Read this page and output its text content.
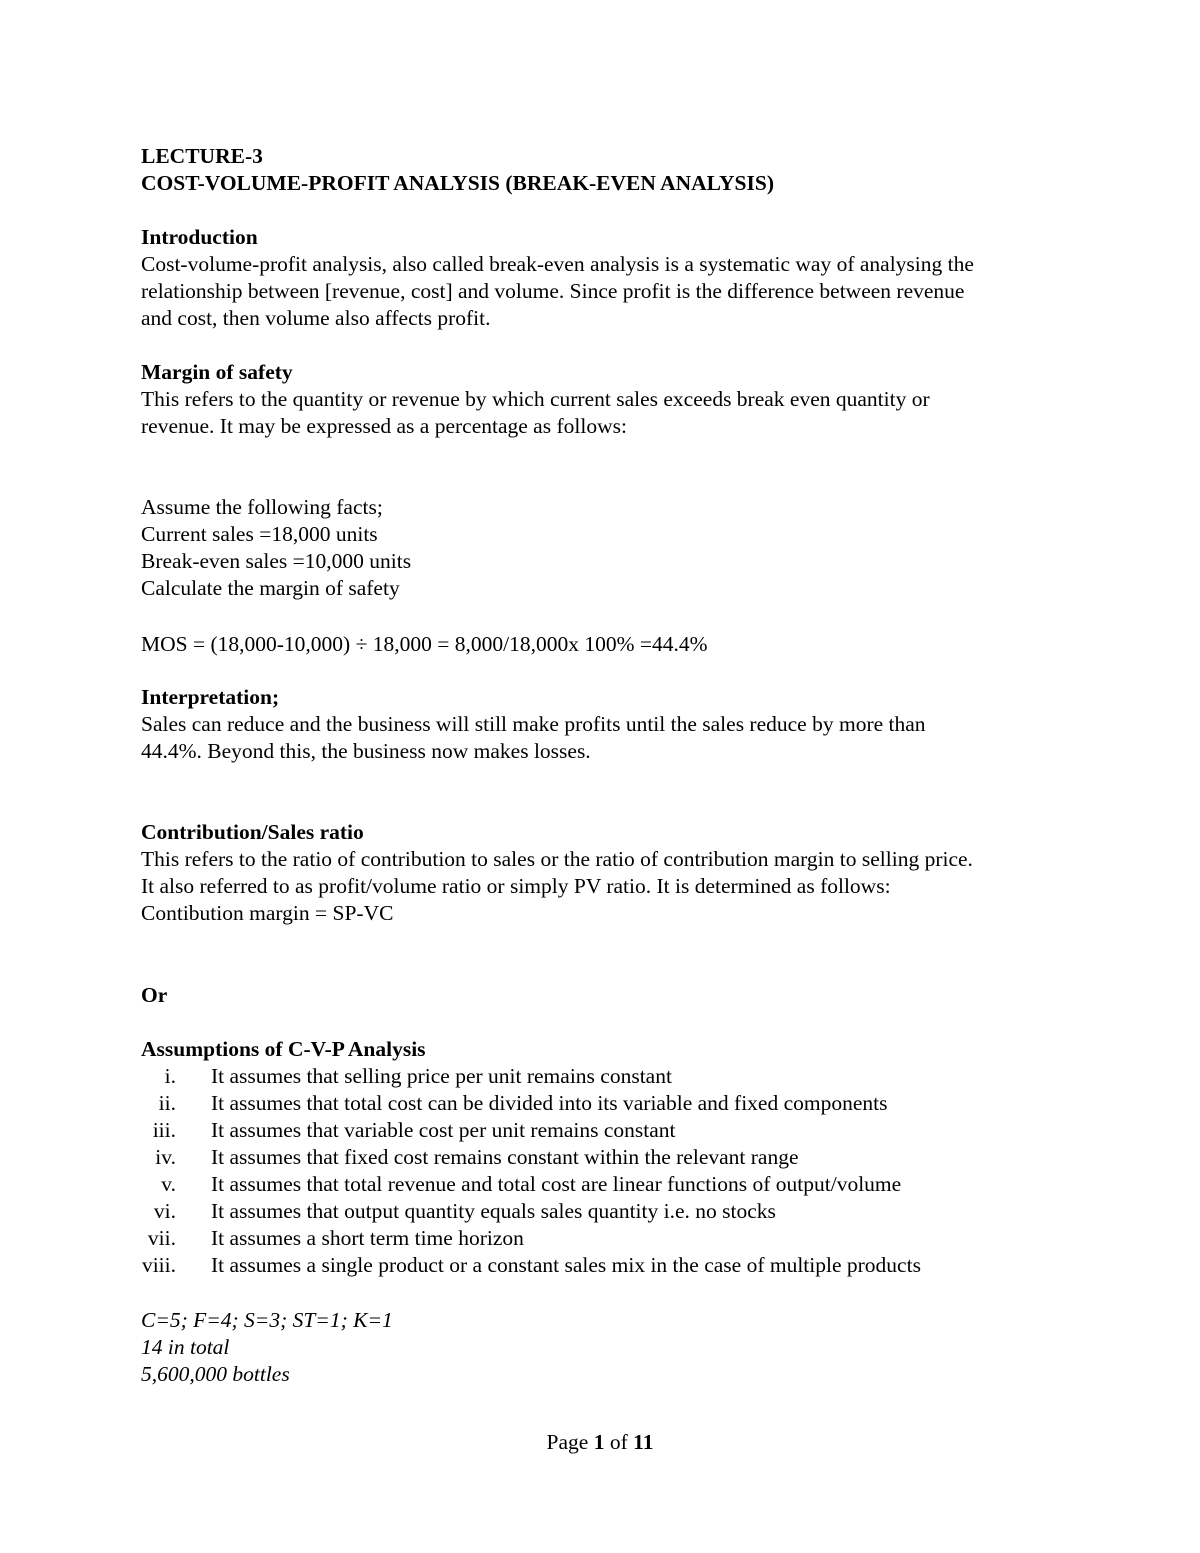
LECTURE-3
COST-VOLUME-PROFIT ANALYSIS (BREAK-EVEN ANALYSIS)
Introduction
Cost-volume-profit analysis, also called break-even analysis is a systematic way of analysing the
relationship between [revenue, cost] and volume. Since profit is the difference between revenue
and cost, then volume also affects profit.
Margin of safety
This refers to the quantity or revenue by which current sales exceeds break even quantity or
revenue. It may be expressed as a percentage as follows:
Assume the following facts;
Current sales =18,000 units
Break-even sales =10,000 units
Calculate the margin of safety
MOS = (18,000-10,000) ÷ 18,000 = 8,000/18,000x 100% =44.4%
Interpretation;
Sales can reduce and the business will still make profits until the sales reduce by more than
44.4%. Beyond this, the business now makes losses.
Contribution/Sales ratio
This refers to the ratio of contribution to sales or the ratio of contribution margin to selling price.
It also referred to as profit/volume ratio or simply PV ratio. It is determined as follows:
Contibution margin = SP-VC
Or
Assumptions of C-V-P Analysis
i. It assumes that selling price per unit remains constant
ii. It assumes that total cost can be divided into its variable and fixed components
iii. It assumes that variable cost per unit remains constant
iv. It assumes that fixed cost remains constant within the relevant range
v. It assumes that total revenue and total cost are linear functions of output/volume
vi. It assumes that output quantity equals sales quantity i.e. no stocks
vii. It assumes a short term time horizon
viii. It assumes a single product or a constant sales mix in the case of multiple products
C=5; F=4; S=3; ST=1; K=1
14 in total
5,600,000 bottles
Page 1 of 11
